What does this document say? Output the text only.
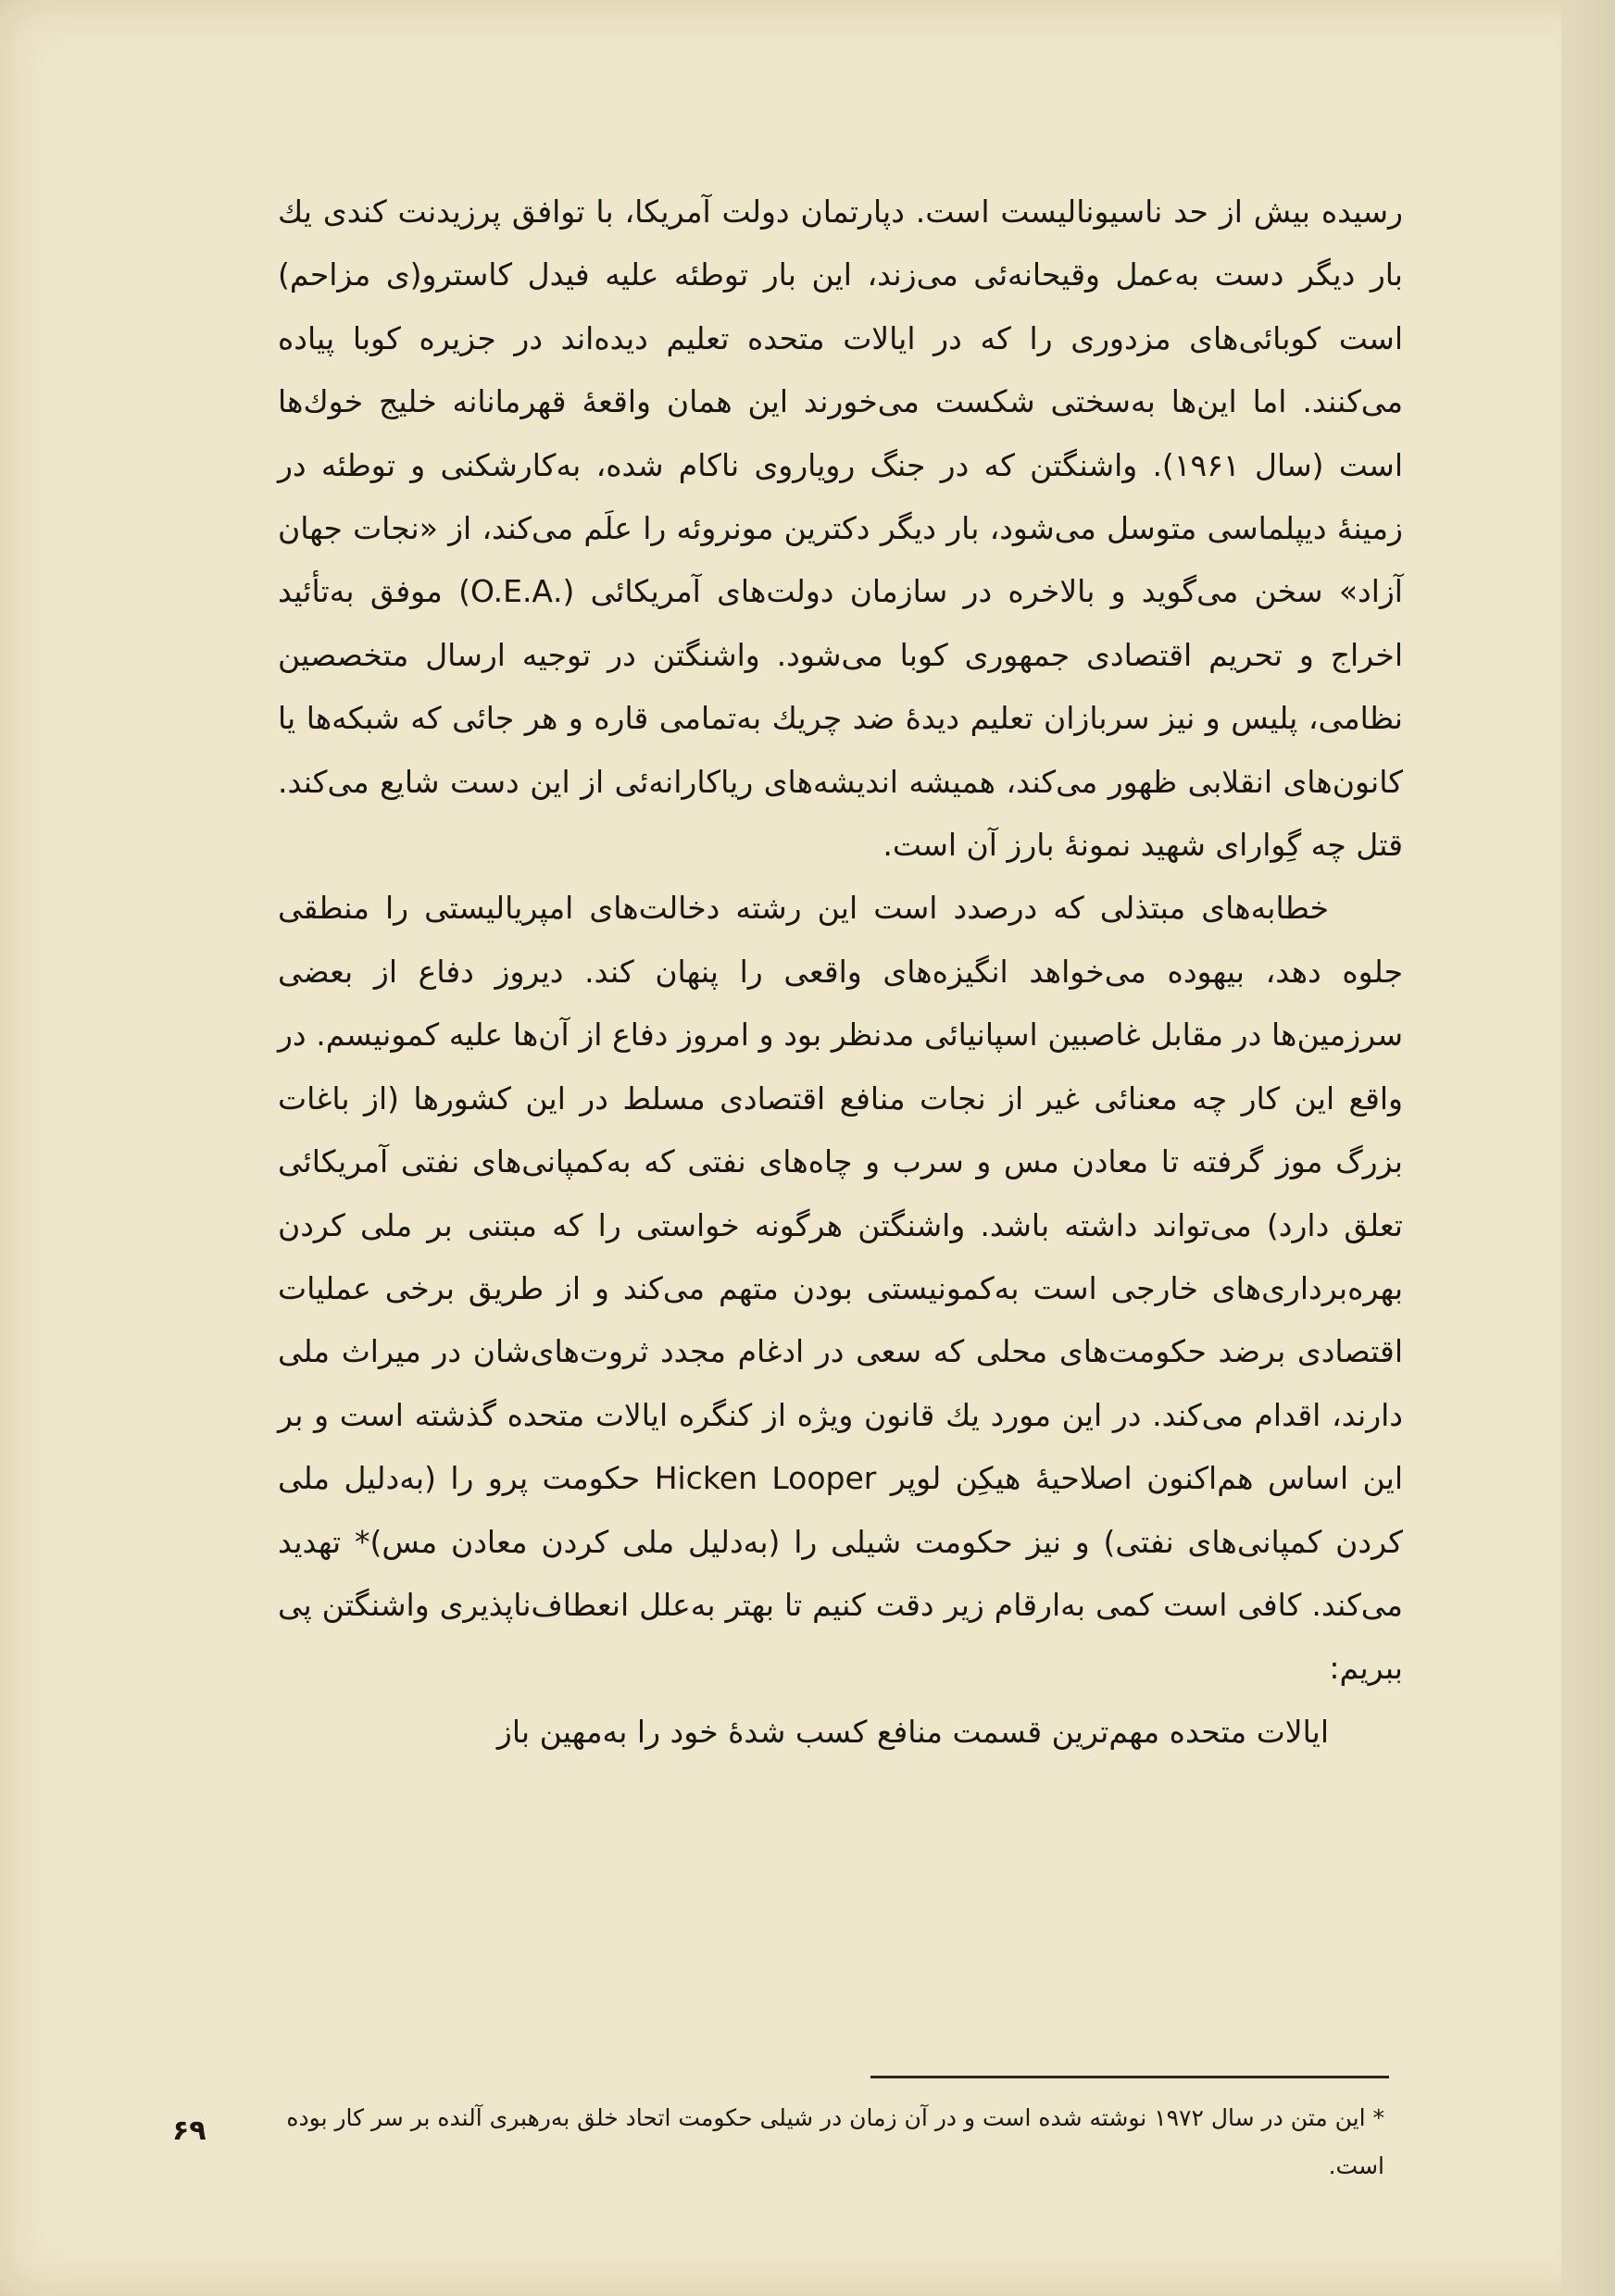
رسیده بیش از حد ناسیونالیست است. دپارتمان دولت آمریکا، با توافق پرزیدنت کندی یك بار دیگر دست به‌عمل وقیحانه‌ئی می‌زند، این بار توطئه علیه فیدل کاسترو(ی مزاحم) است کوبائی‌های مزدوری را که در ایالات متحده تعلیم دیده‌اند در جزیره کوبا پیاده می‌کنند. اما این‌ها به‌سختی شکست می‌خورند این همان واقعهٔ قهرمانانه خلیج خوك‌ها است (سال ۱۹۶۱). واشنگتن که در جنگ رویاروی ناکام شده، به‌کارشکنی و توطئه در زمینهٔ دیپلماسی متوسل می‌شود، بار دیگر دکترین مونروئه را علَم می‌کند، از «نجات جهان آزاد» سخن می‌گوید و بالاخره در سازمان دولت‌های آمریکائی (.O.E.A) موفق به‌تأئید اخراج و تحریم اقتصادی جمهوری کوبا می‌شود. واشنگتن در توجیه ارسال متخصصین نظامی، پلیس و نیز سربازان تعلیم دیدهٔ ضد چریك به‌تمامی قاره و هر جائی که شبکه‌ها یا کانون‌های انقلابی ظهور می‌کند، همیشه اندیشه‌های ریاکارانه‌ئی از این دست شایع می‌کند. قتل چه گِوارای شهید نمونهٔ بارز آن است.

خطابه‌های مبتذلی که درصدد است این رشته دخالت‌های امپریالیستی را منطقی جلوه دهد، بیهوده می‌خواهد انگیزه‌های واقعی را پنهان کند. دیروز دفاع از بعضی سرزمین‌ها در مقابل غاصبین اسپانیائی مدنظر بود و امروز دفاع از آن‌ها علیه کمونیسم. در واقع این کار چه معنائی غیر از نجات منافع اقتصادی مسلط در این کشورها (از باغات بزرگ موز گرفته تا معادن مس و سرب و چاه‌های نفتی که به‌کمپانی‌های نفتی آمریکائی تعلق دارد) می‌تواند داشته باشد. واشنگتن هرگونه خواستی را که مبتنی بر ملی کردن بهره‌برداری‌های خارجی است به‌کمونیستی بودن متهم می‌کند و از طریق برخی عملیات اقتصادی برضد حکومت‌های محلی که سعی در ادغام مجدد ثروت‌های‌شان در میراث ملی دارند، اقدام می‌کند. در این مورد یك قانون ویژه از کنگره ایالات متحده گذشته است و بر این اساس هم‌اکنون اصلاحیهٔ هیکِن لوپر Hicken Looper حکومت پرو را (به‌دلیل ملی کردن کمپانی‌های نفتی) و نیز حکومت شیلی را (به‌دلیل ملی کردن معادن مس)* تهدید می‌کند. کافی است کمی به‌ارقام زیر دقت کنیم تا بهتر به‌علل انعطاف‌ناپذیری واشنگتن پی ببریم:

ایالات متحده مهم‌ترین قسمت منافع کسب شدهٔ خود را به‌مهین باز

* این متن در سال ۱۹۷۲ نوشته شده است و در آن زمان در شیلی حکومت اتحاد خلق به‌رهبری آلنده بر سر کار بوده است.
۶۹
